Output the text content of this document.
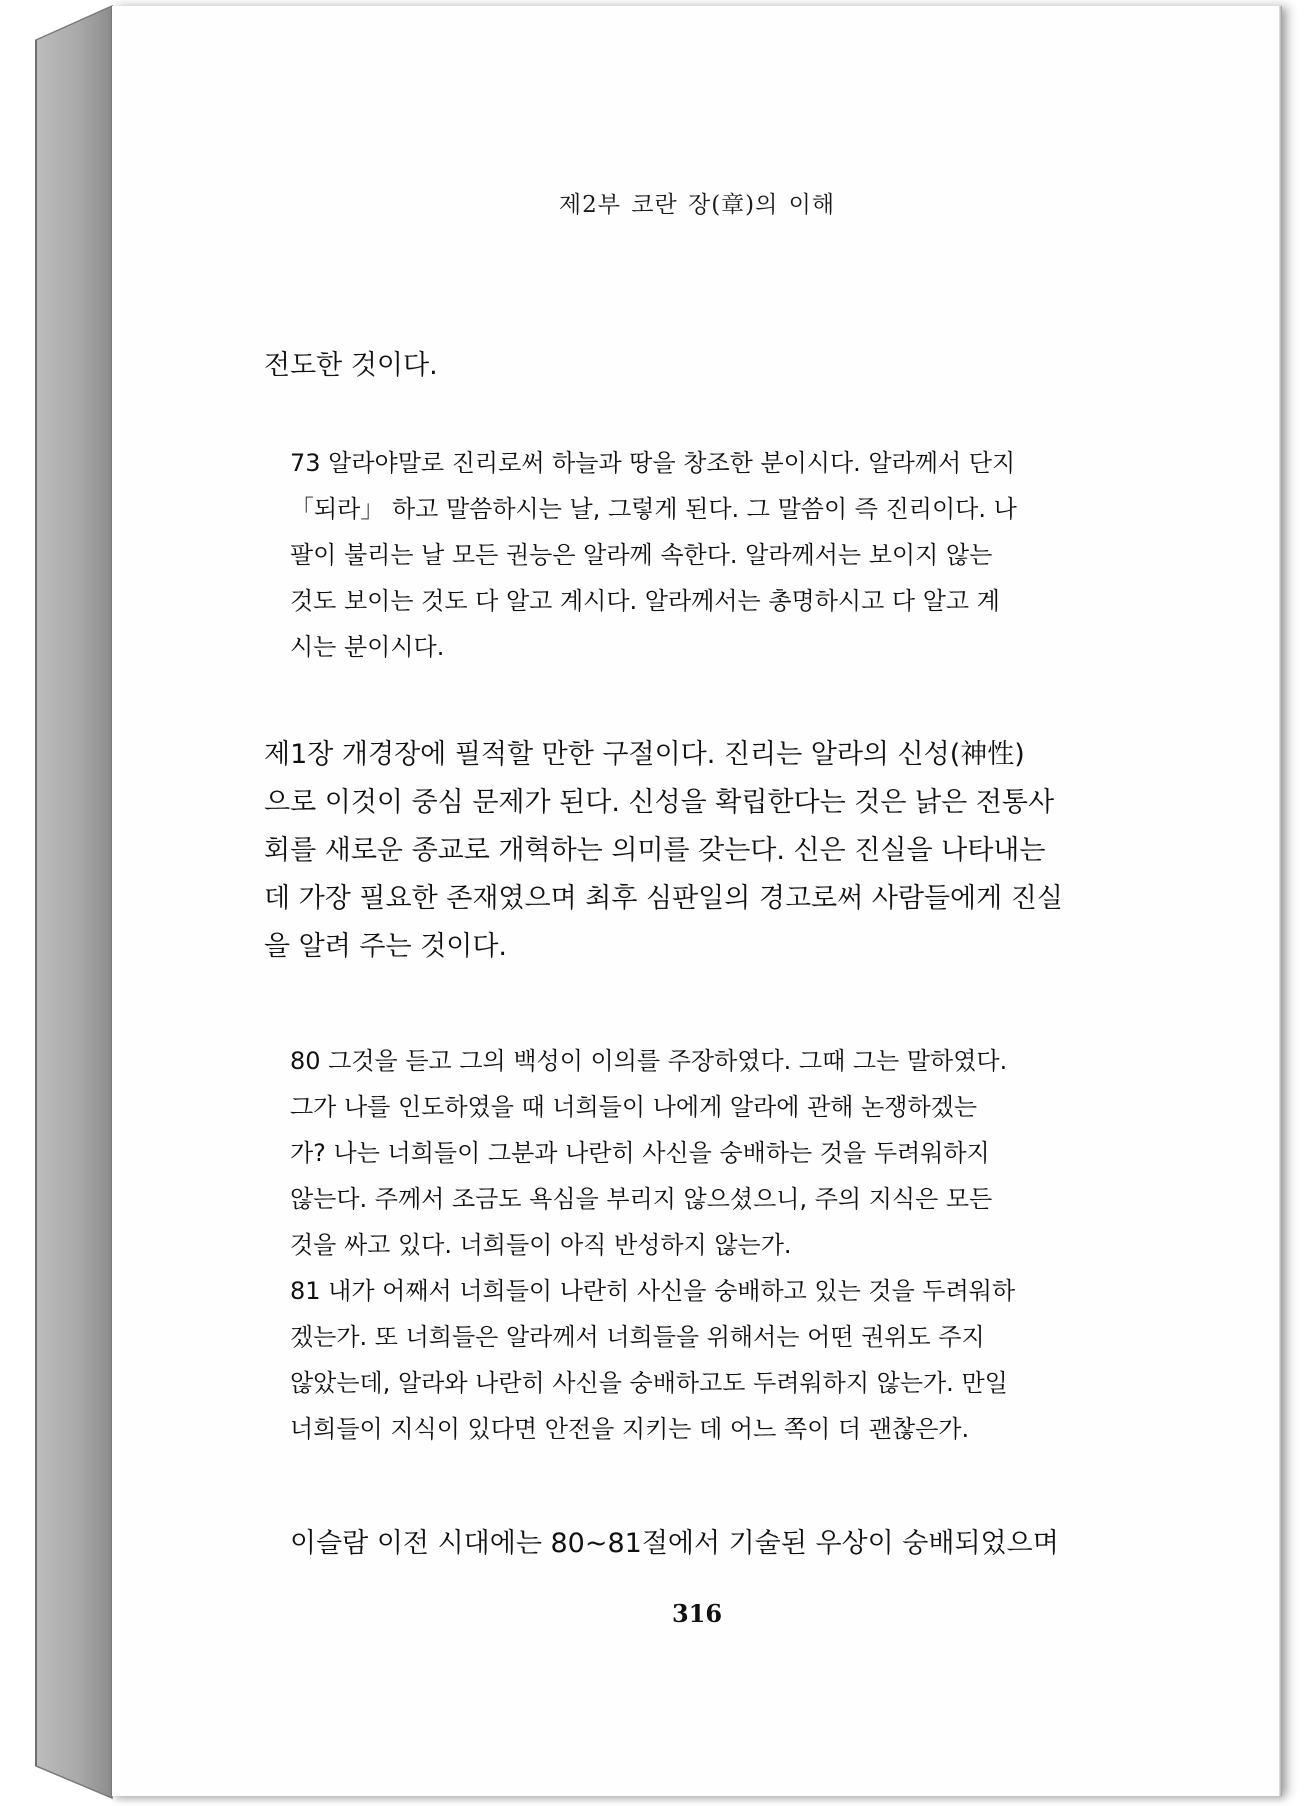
제2부 코란 장(章)의 이해
전도한 것이다.
73 알라야말로 진리로써 하늘과 땅을 창조한 분이시다. 알라께서 단지
「되라」 하고 말씀하시는 날, 그렇게 된다. 그 말씀이 즉 진리이다. 나
팔이 불리는 날 모든 권능은 알라께 속한다. 알라께서는 보이지 않는
것도 보이는 것도 다 알고 계시다. 알라께서는 총명하시고 다 알고 계
시는 분이시다.
제1장 개경장에 필적할 만한 구절이다. 진리는 알라의 신성(神性)
으로 이것이 중심 문제가 된다. 신성을 확립한다는 것은 낡은 전통사
회를 새로운 종교로 개혁하는 의미를 갖는다. 신은 진실을 나타내는
데 가장 필요한 존재였으며 최후 심판일의 경고로써 사람들에게 진실
을 알려 주는 것이다.
80 그것을 듣고 그의 백성이 이의를 주장하였다. 그때 그는 말하였다.
그가 나를 인도하였을 때 너희들이 나에게 알라에 관해 논쟁하겠는
가? 나는 너희들이 그분과 나란히 사신을 숭배하는 것을 두려워하지
않는다. 주께서 조금도 욕심을 부리지 않으셨으니, 주의 지식은 모든
것을 싸고 있다. 너희들이 아직 반성하지 않는가.
81 내가 어째서 너희들이 나란히 사신을 숭배하고 있는 것을 두려워하
겠는가. 또 너희들은 알라께서 너희들을 위해서는 어떤 권위도 주지
않았는데, 알라와 나란히 사신을 숭배하고도 두려워하지 않는가. 만일
너희들이 지식이 있다면 안전을 지키는 데 어느 쪽이 더 괜찮은가.
이슬람 이전 시대에는 80~81절에서 기술된 우상이 숭배되었으며
316
